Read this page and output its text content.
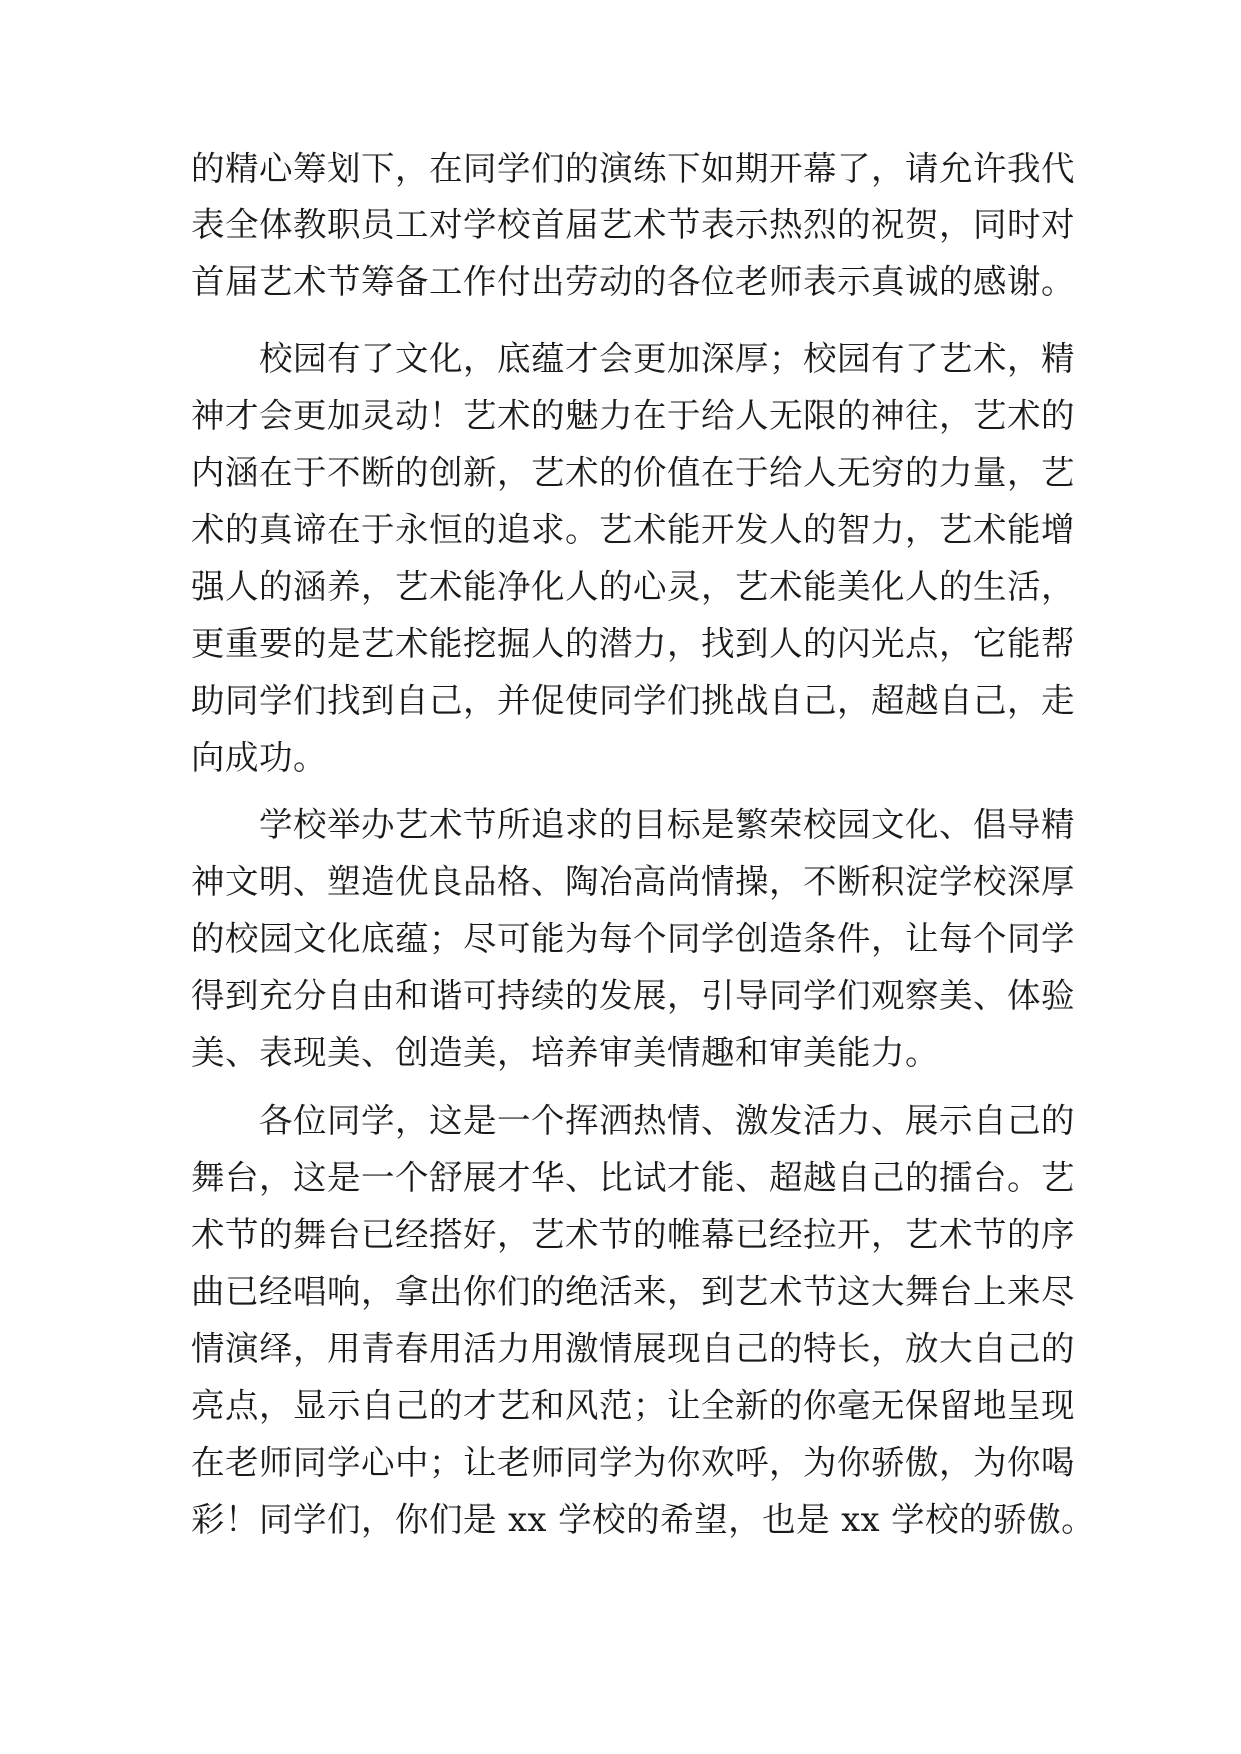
的精心筹划下，在同学们的演练下如期开幕了，请允许我代
表全体教职员工对学校首届艺术节表示热烈的祝贺，同时对
首届艺术节筹备工作付出劳动的各位老师表示真诚的感谢。
　　校园有了文化，底蕴才会更加深厚；校园有了艺术，精
神才会更加灵动！艺术的魅力在于给人无限的神往，艺术的
内涵在于不断的创新，艺术的价值在于给人无穷的力量，艺
术的真谛在于永恒的追求。艺术能开发人的智力，艺术能增
强人的涵养，艺术能净化人的心灵，艺术能美化人的生活，
更重要的是艺术能挖掘人的潜力，找到人的闪光点，它能帮
助同学们找到自己，并促使同学们挑战自己，超越自己，走
向成功。
　　学校举办艺术节所追求的目标是繁荣校园文化、倡导精
神文明、塑造优良品格、陶冶高尚情操，不断积淀学校深厚
的校园文化底蕴；尽可能为每个同学创造条件，让每个同学
得到充分自由和谐可持续的发展，引导同学们观察美、体验
美、表现美、创造美，培养审美情趣和审美能力。
　　各位同学，这是一个挥洒热情、激发活力、展示自己的
舞台，这是一个舒展才华、比试才能、超越自己的擂台。艺
术节的舞台已经搭好，艺术节的帷幕已经拉开，艺术节的序
曲已经唱响，拿出你们的绝活来，到艺术节这大舞台上来尽
情演绎，用青春用活力用激情展现自己的特长，放大自己的
亮点，显示自己的才艺和风范；让全新的你毫无保留地呈现
在老师同学心中；让老师同学为你欢呼，为你骄傲，为你喝
彩！同学们，你们是 xx 学校的希望，也是 xx 学校的骄傲。
